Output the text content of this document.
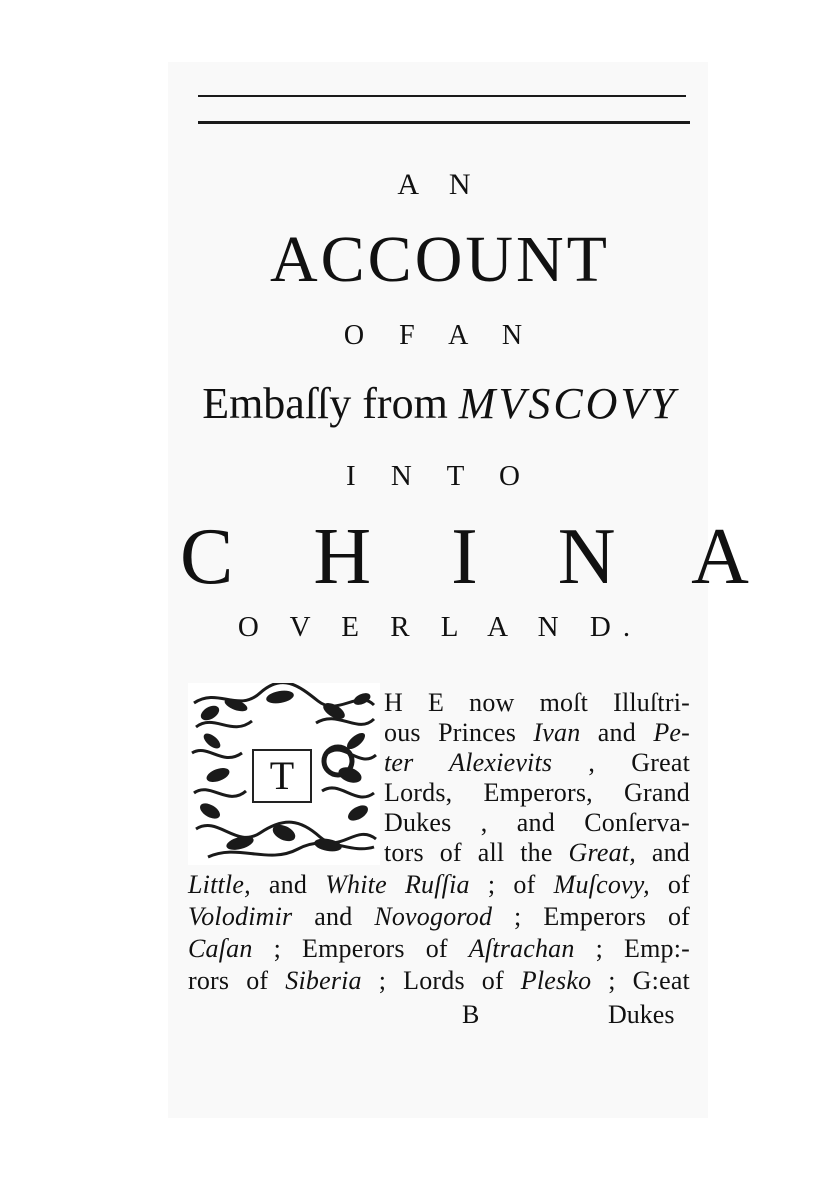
A N
ACCOUNT
O F A N
Embaſſy from MVSCOVY
I N T O
C H I N A
O V E R L A N D.
T
H E now moſt Illuſtri-
ous Princes Ivan and Pe-
ter Alexievits , Great
Lords, Emperors, Grand
Dukes , and Conſerva-
tors of all the Great, and
Little, and White Ruſſia ; of Muſcovy, of
Volodimir and Novogorod ; Emperors of
Caſan ; Emperors of Aſtrachan ; Emp:-
rors of Siberia ; Lords of Plesko ; G:eat
B	Dukes
